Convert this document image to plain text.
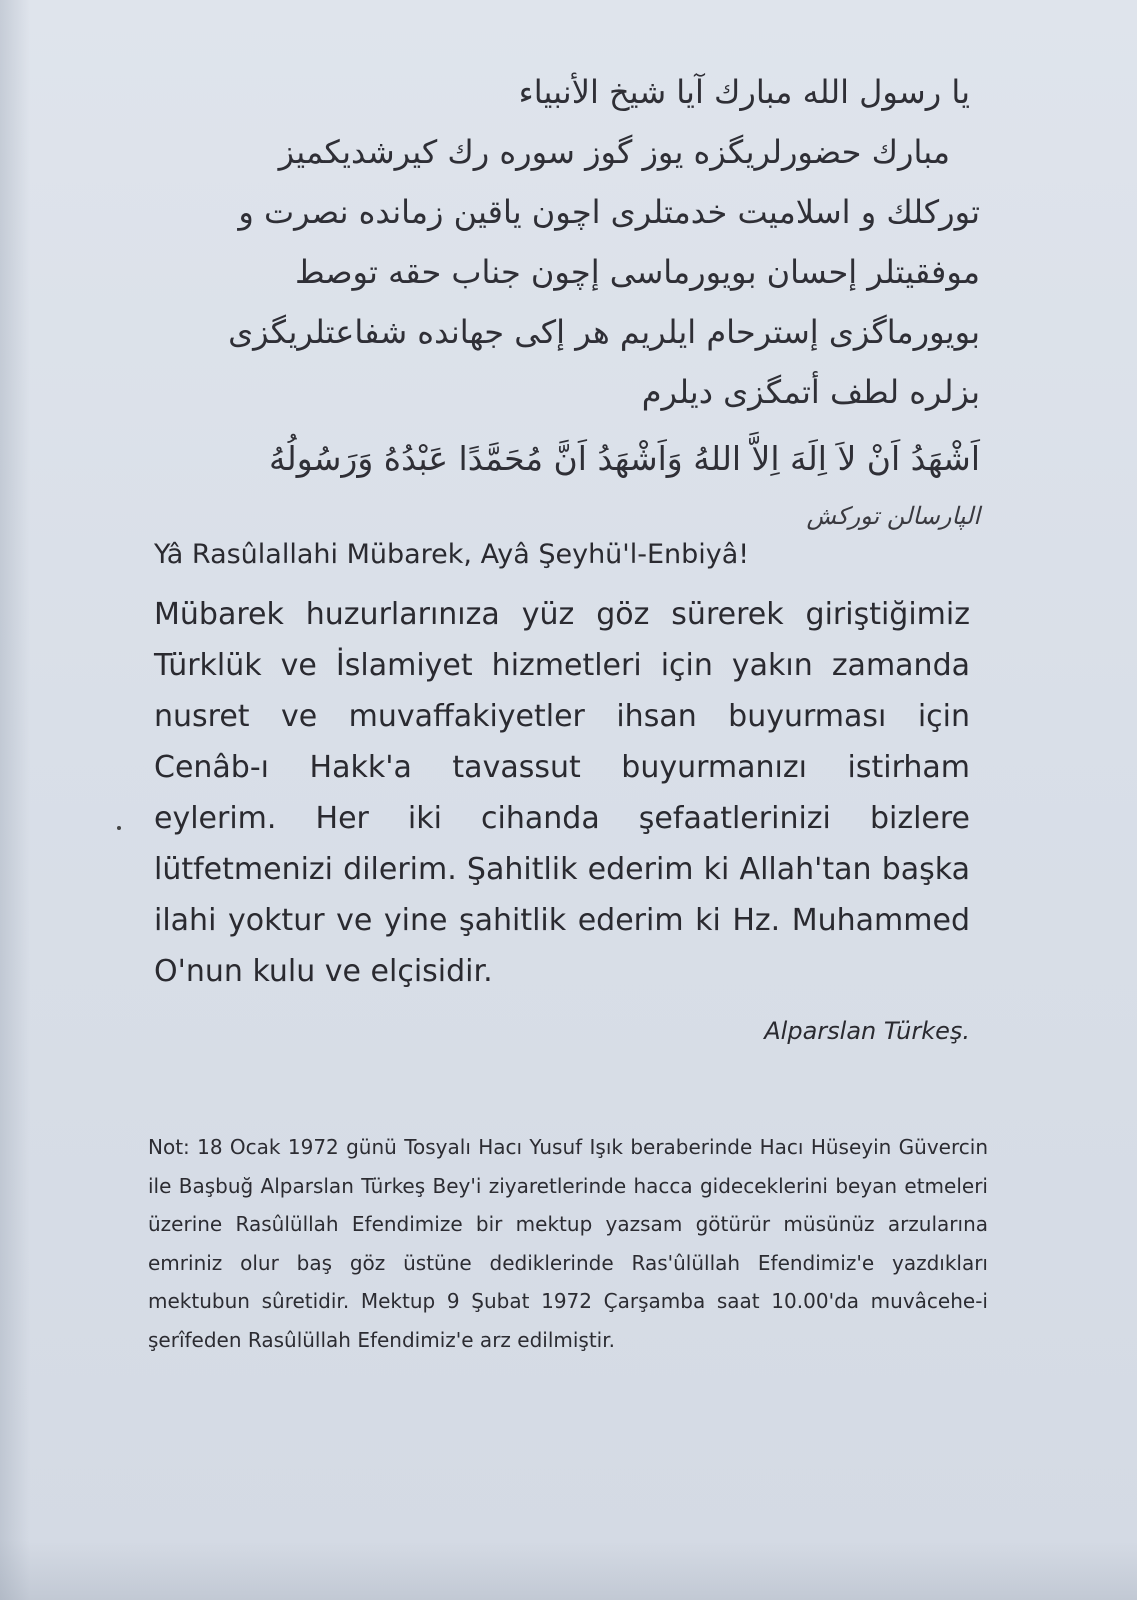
يا رسول الله مبارك آيا شيخ الأنبياء
مبارك حضورلريگزه يوز گوز سوره رك كيرشديكميز
توركلك و اسلاميت خدمتلرى اچون ياقين زمانده نصرت و
موفقيتلر إحسان بويورماسى إچون جناب حقه توصط
بويورماگزى إسترحام ايلريم هر إكى جهانده شفاعتلريگزى
بزلره لطف أتمگزى ديلرم
اَشْهَدُ اَنْ لاَ اِلَهَ اِلاَّ اللهُ وَاَشْهَدُ اَنَّ مُحَمَّدًا عَبْدُهُ وَرَسُولُهُ
الپارسالن توركش

Yâ Rasûlallahi Mübarek, Ayâ Şeyhü'l-Enbiyâ!

Mübarek huzurlarınıza yüz göz sürerek giriştiğimiz Türklük ve İslamiyet hizmetleri için yakın zamanda nusret ve muvaffakiyetler ihsan buyurması için Cenâb-ı Hakk'a tavassut buyurmanızı istirham eylerim. Her iki cihanda şefaatlerinizi bizlere lütfetmenizi dilerim. Şahitlik ederim ki Allah'tan başka ilahi yoktur ve yine şahitlik ederim ki Hz. Muhammed O'nun kulu ve elçisidir.

Alparslan Türkeş.
Not: 18 Ocak 1972 günü Tosyalı Hacı Yusuf Işık beraberinde Hacı Hüseyin Güvercin ile Başbuğ Alparslan Türkeş Bey'i ziyaretlerinde hacca gideceklerini beyan etmeleri üzerine Rasûlüllah Efendimize bir mektup yazsam götürür müsünüz arzularına emriniz olur baş göz üstüne dediklerinde Ras'ûlüllah Efendimiz'e yazdıkları mektubun sûretidir. Mektup 9 Şubat 1972 Çarşamba saat 10.00'da muvâcehe-i şerîfeden Rasûlüllah Efendimiz'e arz edilmiştir.
